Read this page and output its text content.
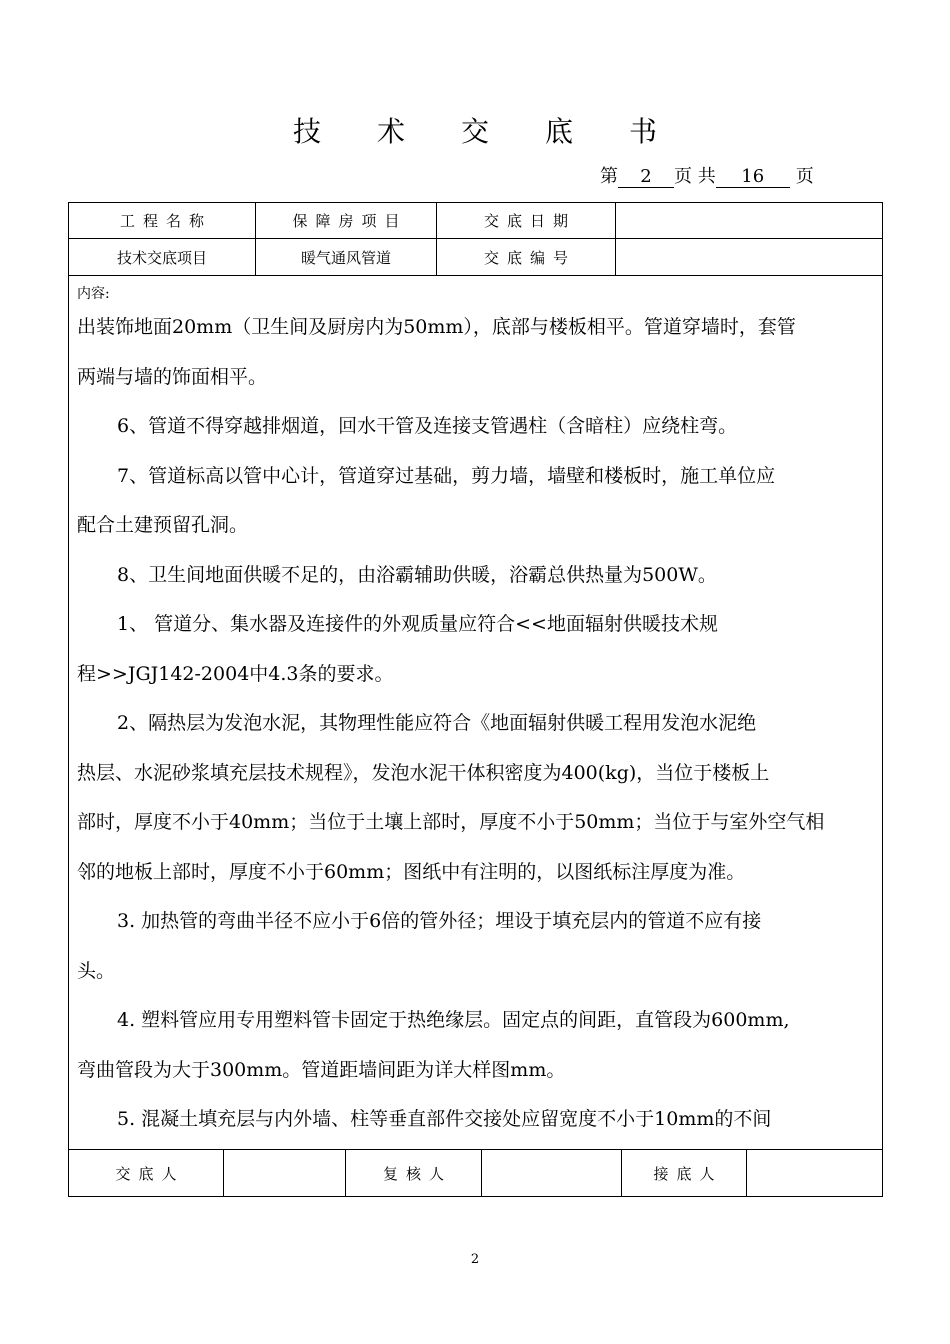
技术交底书
第 2 页 共 16 页
工程名称	保障房项目	交底日期
技术交底项目	暖气通风管道	交底编号
内容:

出装饰地面20mm（卫生间及厨房内为50mm），底部与楼板相平。管道穿墙时，套管

两端与墙的饰面相平。

6、管道不得穿越排烟道，回水干管及连接支管遇柱（含暗柱）应绕柱弯。

7、管道标高以管中心计，管道穿过基础，剪力墙，墙壁和楼板时，施工单位应

配合土建预留孔洞。

8、卫生间地面供暖不足的，由浴霸辅助供暖，浴霸总供热量为500W。

1、 管道分、集水器及连接件的外观质量应符合<<地面辐射供暖技术规

程>>JGJ142-2004中4.3条的要求。

2、隔热层为发泡水泥，其物理性能应符合《地面辐射供暖工程用发泡水泥绝

热层、水泥砂浆填充层技术规程》，发泡水泥干体积密度为400(kg)，当位于楼板上

部时，厚度不小于40mm；当位于土壤上部时，厚度不小于50mm；当位于与室外空气相

邻的地板上部时，厚度不小于60mm；图纸中有注明的，以图纸标注厚度为准。

3. 加热管的弯曲半径不应小于6倍的管外径；埋设于填充层内的管道不应有接

头。

4. 塑料管应用专用塑料管卡固定于热绝缘层。固定点的间距，直管段为600mm,

弯曲管段为大于300mm。管道距墙间距为详大样图mm。

5. 混凝土填充层与内外墙、柱等垂直部件交接处应留宽度不小于10mm的不间

交底人	复核人	接底人
2
